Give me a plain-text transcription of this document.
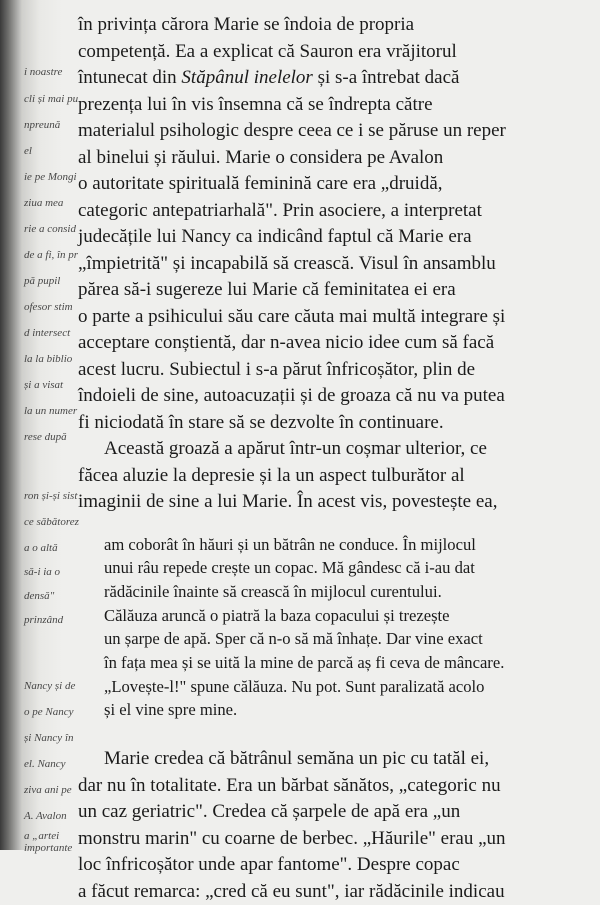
i noastre
cli și mai pu
npreună
el
ie pe Mongi
ziua mea
rie a consid
de a fi, în pr
pă pupil
ofesor stim
d intersect
la la biblio
și a visat
la un numer
rese după
ron și-și sist
ce săbătorez
a o altă
să-i ia o
densă"
prinzând
Nancy și de
o pe Nancy
și Nancy în
el. Nancy
ziva ani pe
A. Avalon
a „artei
importante
în privința cărora Marie se îndoia de propria
competență. Ea a explicat că Sauron era vrăjitorul
întunecat din Stăpânul inelelor și s-a întrebat dacă
prezența lui în vis însemna că se îndrepta către
materialul psihologic despre ceea ce i se păruse un reper
al binelui și răului. Marie o considera pe Avalon
o autoritate spirituală feminină care era „druidă,
categoric antepatriarhală". Prin asociere, a interpretat
judecățile lui Nancy ca indicând faptul că Marie era
„împietrită" și incapabilă să crească. Visul în ansamblu
părea să-i sugereze lui Marie că feminitatea ei era
o parte a psihicului său care căuta mai multă integrare și
acceptare conștientă, dar n-avea nicio idee cum să facă
acest lucru. Subiectul i s-a părut înfricoșător, plin de
îndoieli de sine, autoacuzații și de groaza că nu va putea
fi niciodată în stare să se dezvolte în continuare.
Această groază a apărut într-un coșmar ulterior, ce
făcea aluzie la depresie și la un aspect tulburător al
imaginii de sine a lui Marie. În acest vis, povestește ea,
am coborât în hăuri și un bătrân ne conduce. În mijlocul
unui râu repede crește un copac. Mă gândesc că i-au dat
rădăcinile înainte să crească în mijlocul curentului.
Călăuza aruncă o piatră la baza copacului și trezește
un șarpe de apă. Sper că n-o să mă înhațe. Dar vine exact
în fața mea și se uită la mine de parcă aș fi ceva de mâncare.
„Lovește-l!" spune călăuza. Nu pot. Sunt paralizată acolo
și el vine spre mine.
Marie credea că bătrânul semăna un pic cu tatăl ei,
dar nu în totalitate. Era un bărbat sănătos, „categoric nu
un caz geriatric". Credea că șarpele de apă era „un
monstru marin" cu coarne de berbec. „Hăurile" erau „un
loc înfricoșător unde apar fantome". Despre copac
a făcut remarca: „cred că eu sunt", iar rădăcinile indicau
